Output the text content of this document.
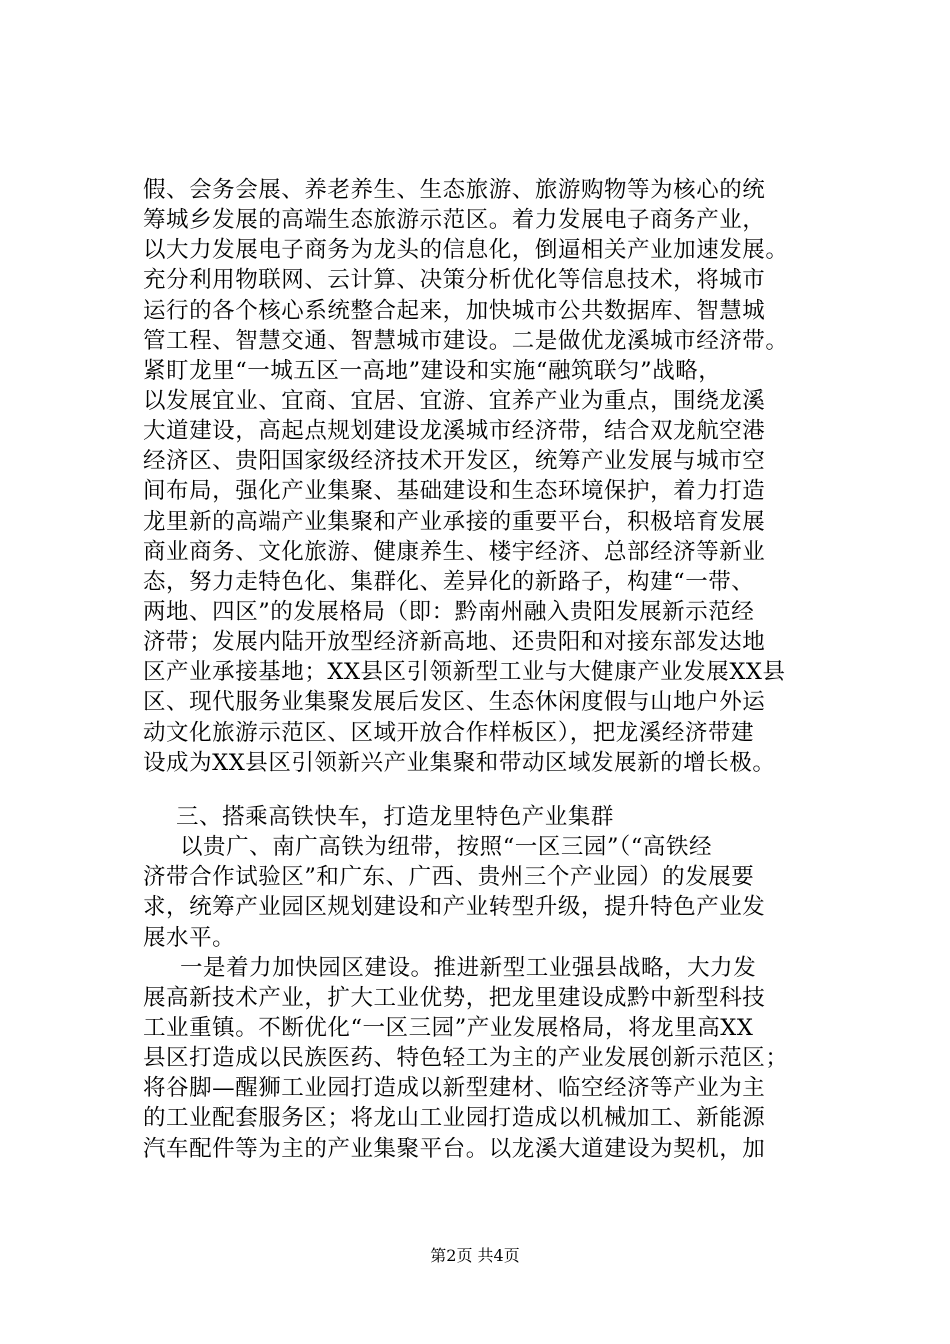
假、会务会展、养老养生、生态旅游、旅游购物等为核心的统
筹城乡发展的高端生态旅游示范区。着力发展电子商务产业，
以大力发展电子商务为龙头的信息化，倒逼相关产业加速发展。
充分利用物联网、云计算、决策分析优化等信息技术，将城市
运行的各个核心系统整合起来，加快城市公共数据库、智慧城
管工程、智慧交通、智慧城市建设。二是做优龙溪城市经济带。
紧盯龙里“一城五区一高地”建设和实施“融筑联匀”战略，
以发展宜业、宜商、宜居、宜游、宜养产业为重点，围绕龙溪
大道建设，高起点规划建设龙溪城市经济带，结合双龙航空港
经济区、贵阳国家级经济技术开发区，统筹产业发展与城市空
间布局，强化产业集聚、基础建设和生态环境保护，着力打造
龙里新的高端产业集聚和产业承接的重要平台，积极培育发展
商业商务、文化旅游、健康养生、楼宇经济、总部经济等新业
态，努力走特色化、集群化、差异化的新路子，构建“一带、
两地、四区”的发展格局（即：黔南州融入贵阳发展新示范经
济带；发展内陆开放型经济新高地、还贵阳和对接东部发达地
区产业承接基地；XX县区引领新型工业与大健康产业发展XX县
区、现代服务业集聚发展后发区、生态休闲度假与山地户外运
动文化旅游示范区、区域开放合作样板区），把龙溪经济带建
设成为XX县区引领新兴产业集聚和带动区域发展新的增长极。
三、搭乘高铁快车，打造龙里特色产业集群
以贵广、南广高铁为纽带，按照“一区三园”（“高铁经
济带合作试验区”和广东、广西、贵州三个产业园）的发展要
求，统筹产业园区规划建设和产业转型升级，提升特色产业发
展水平。
一是着力加快园区建设。推进新型工业强县战略，大力发
展高新技术产业，扩大工业优势，把龙里建设成黔中新型科技
工业重镇。不断优化“一区三园”产业发展格局，将龙里高XX
县区打造成以民族医药、特色轻工为主的产业发展创新示范区；
将谷脚—醒狮工业园打造成以新型建材、临空经济等产业为主
的工业配套服务区；将龙山工业园打造成以机械加工、新能源
汽车配件等为主的产业集聚平台。以龙溪大道建设为契机，加
第2页 共4页
